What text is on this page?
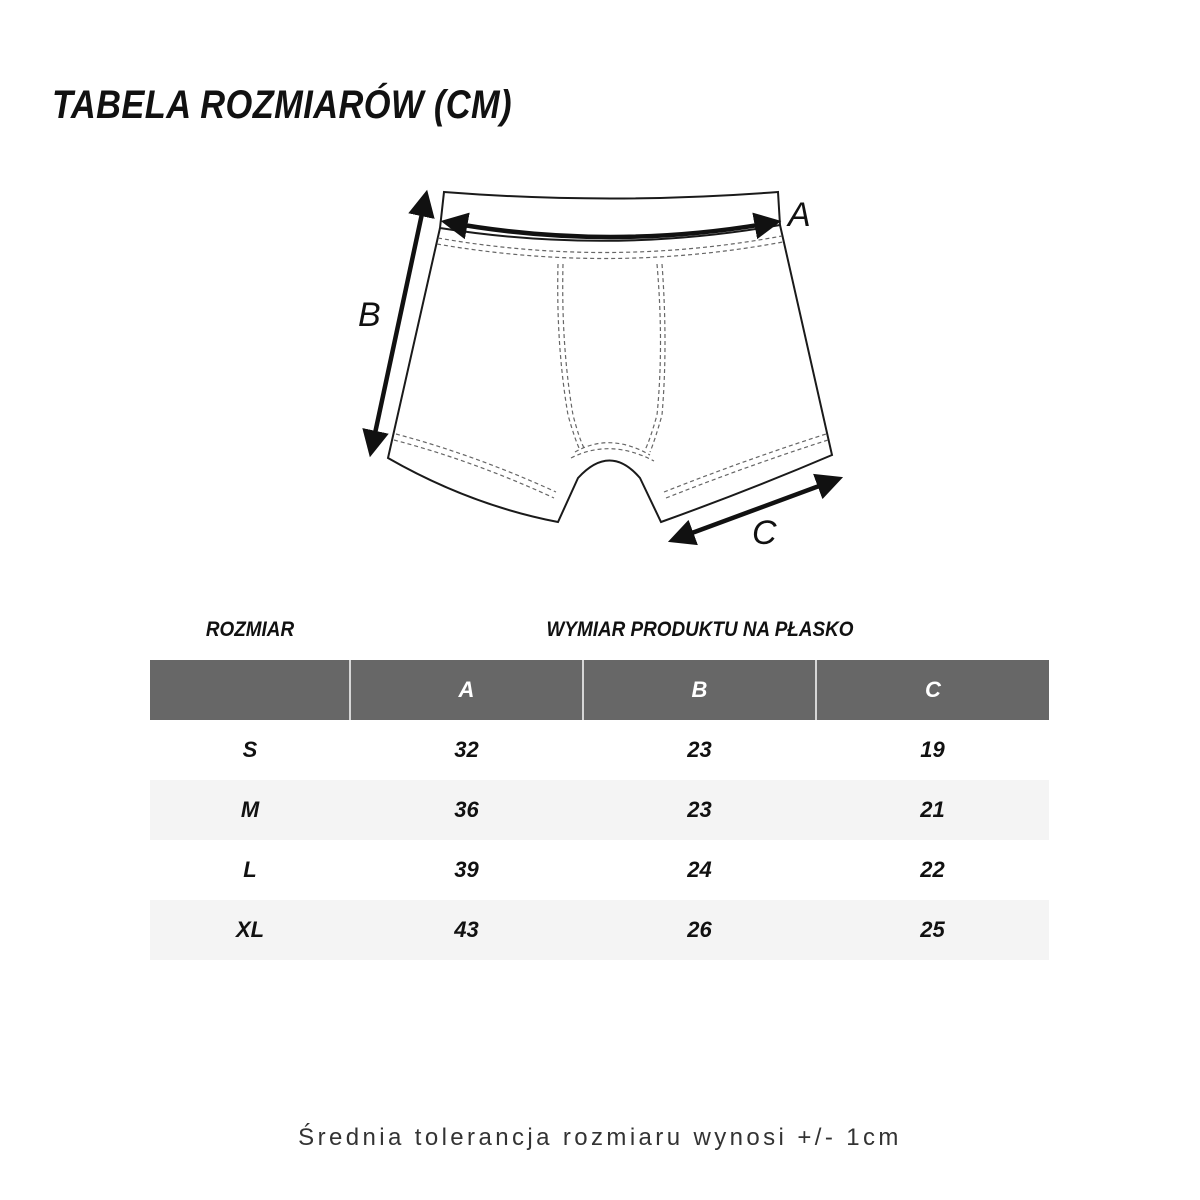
TABELA ROZMIARÓW (CM)
A
B
C
ROZMIAR	WYMIAR PRODUKTU NA PŁASKO
	A	B	C
S	32	23	19
M	36	23	21
L	39	24	22
XL	43	26	25
Średnia tolerancja rozmiaru wynosi +/- 1cm
